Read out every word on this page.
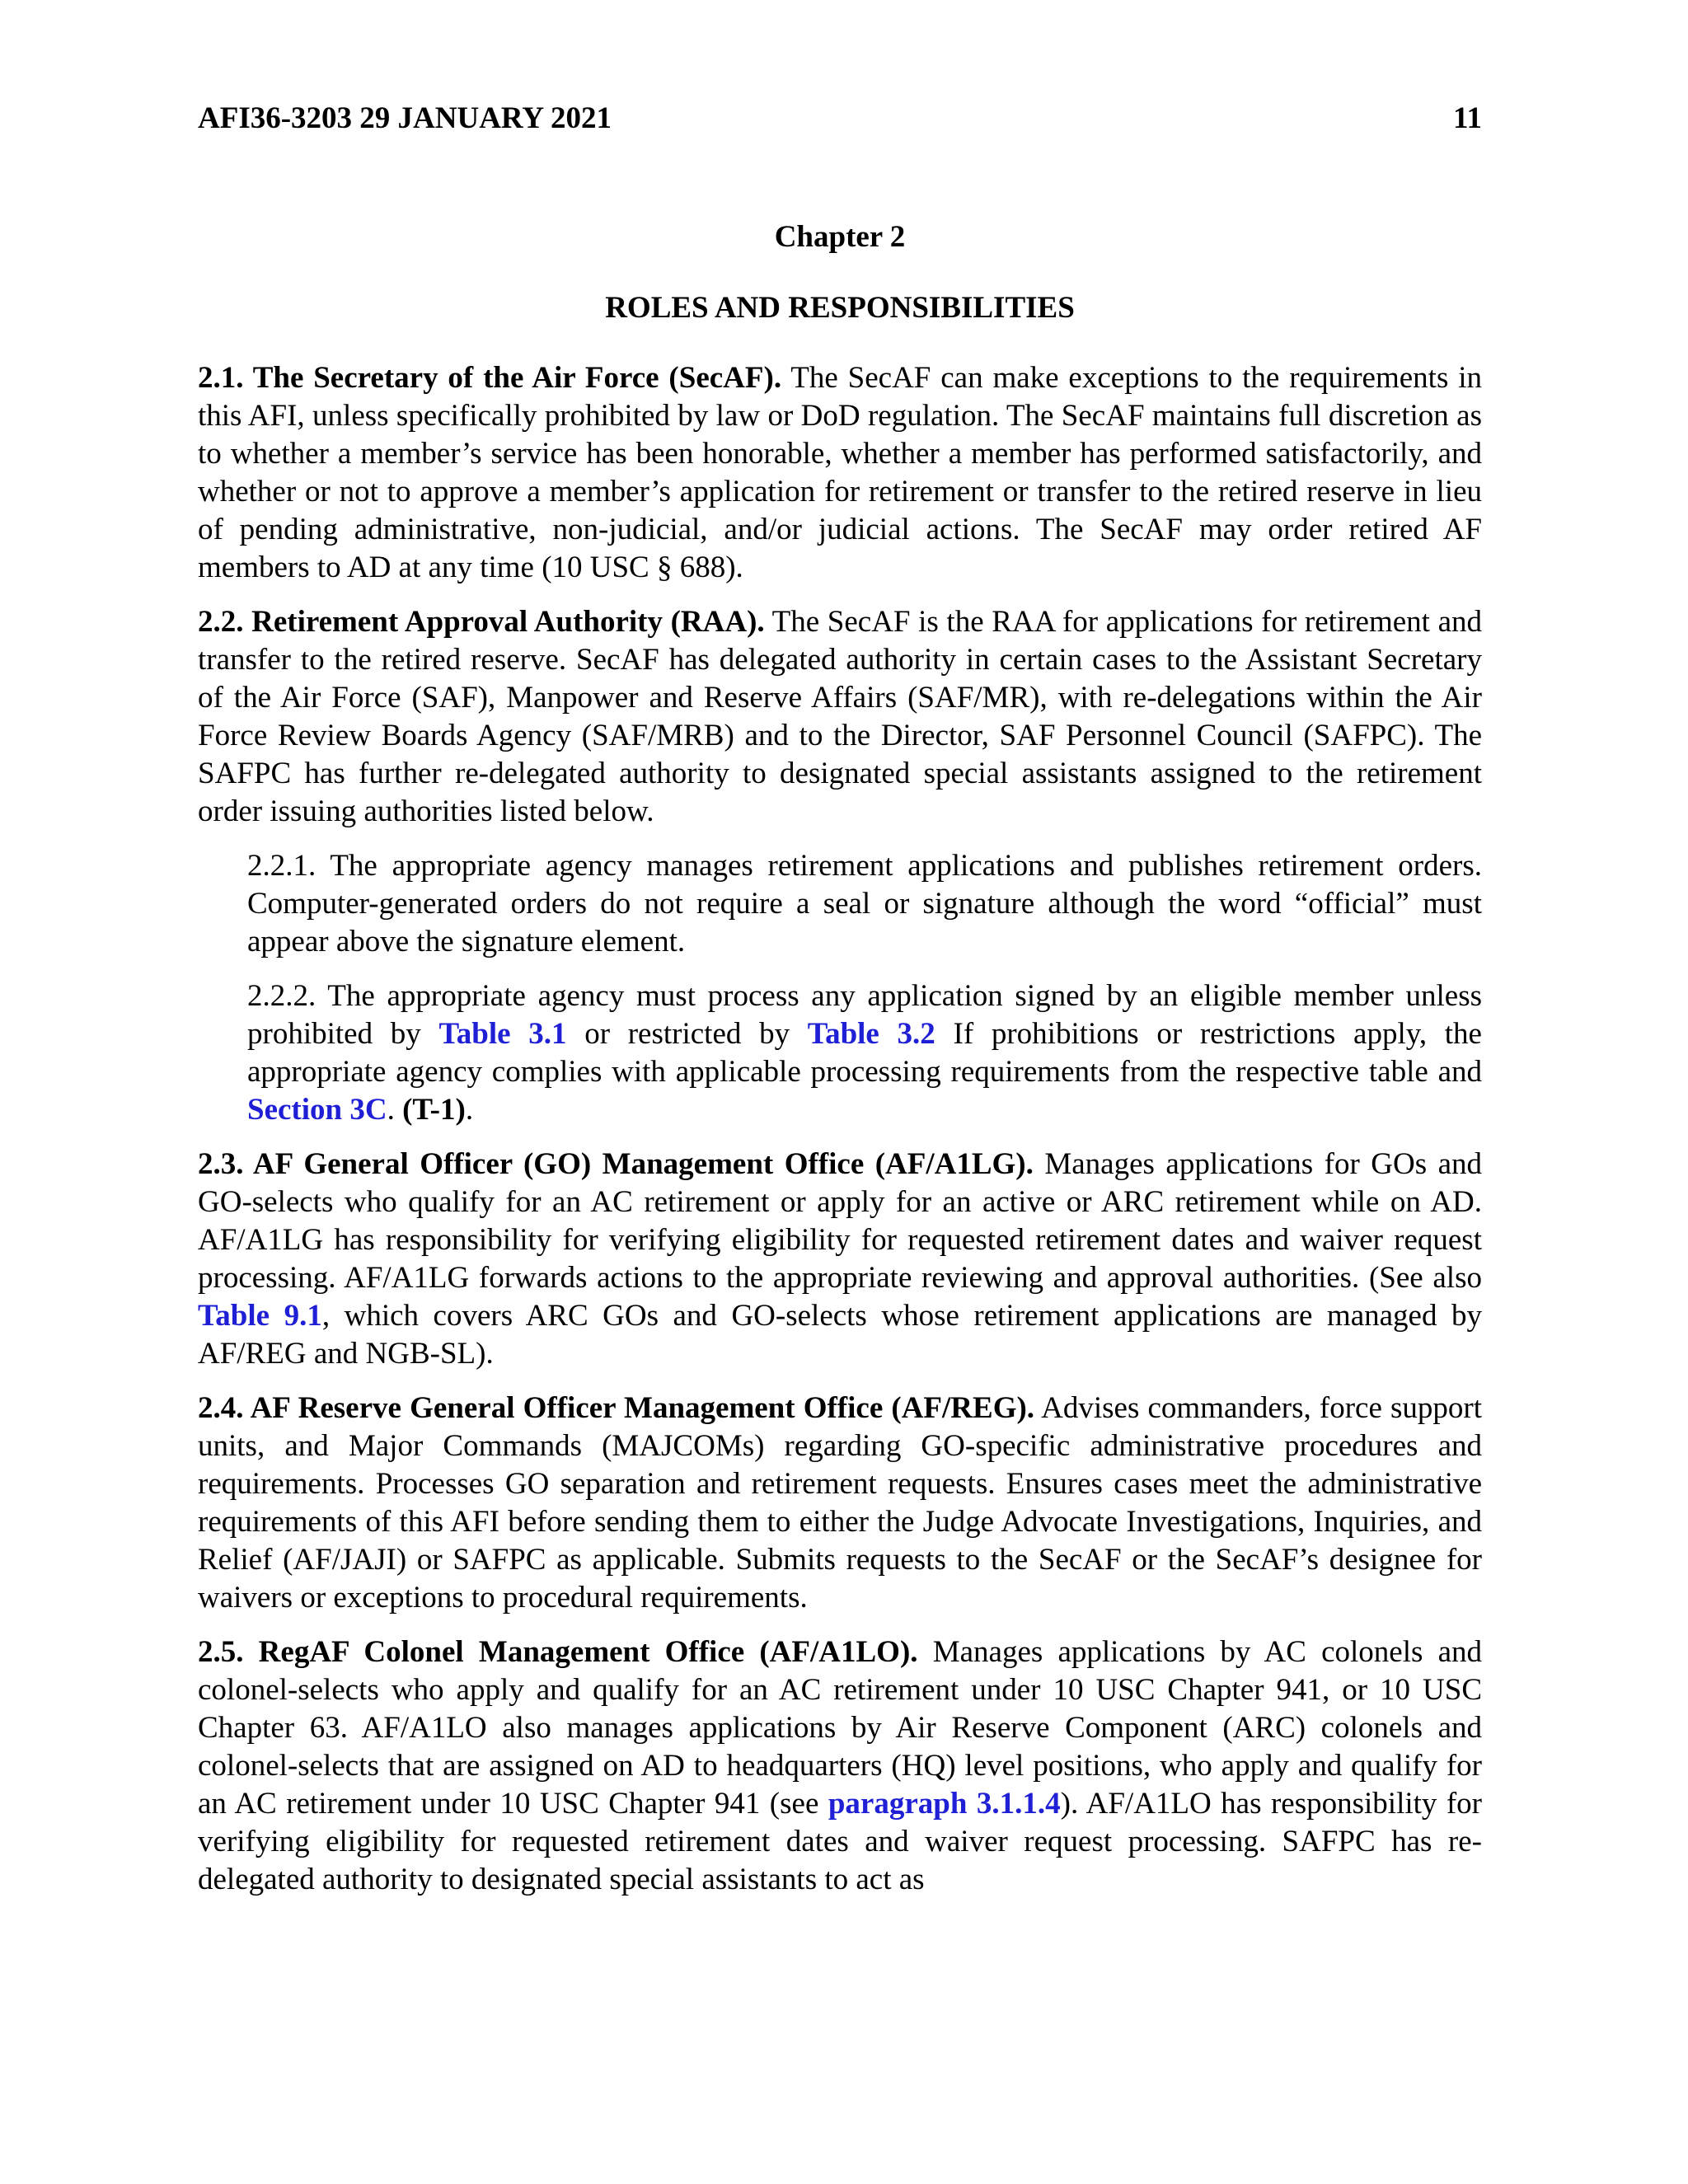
AFI36-3203 29 JANUARY 2021	11
Chapter 2
ROLES AND RESPONSIBILITIES

2.1. The Secretary of the Air Force (SecAF). The SecAF can make exceptions to the requirements in this AFI, unless specifically prohibited by law or DoD regulation. The SecAF maintains full discretion as to whether a member’s service has been honorable, whether a member has performed satisfactorily, and whether or not to approve a member’s application for retirement or transfer to the retired reserve in lieu of pending administrative, non-judicial, and/or judicial actions. The SecAF may order retired AF members to AD at any time (10 USC § 688).

2.2. Retirement Approval Authority (RAA). The SecAF is the RAA for applications for retirement and transfer to the retired reserve. SecAF has delegated authority in certain cases to the Assistant Secretary of the Air Force (SAF), Manpower and Reserve Affairs (SAF/MR), with re-delegations within the Air Force Review Boards Agency (SAF/MRB) and to the Director, SAF Personnel Council (SAFPC). The SAFPC has further re-delegated authority to designated special assistants assigned to the retirement order issuing authorities listed below.

2.2.1. The appropriate agency manages retirement applications and publishes retirement orders. Computer-generated orders do not require a seal or signature although the word “official” must appear above the signature element.

2.2.2. The appropriate agency must process any application signed by an eligible member unless prohibited by Table 3.1 or restricted by Table 3.2 If prohibitions or restrictions apply, the appropriate agency complies with applicable processing requirements from the respective table and Section 3C. (T-1).

2.3. AF General Officer (GO) Management Office (AF/A1LG). Manages applications for GOs and GO-selects who qualify for an AC retirement or apply for an active or ARC retirement while on AD. AF/A1LG has responsibility for verifying eligibility for requested retirement dates and waiver request processing. AF/A1LG forwards actions to the appropriate reviewing and approval authorities. (See also Table 9.1, which covers ARC GOs and GO-selects whose retirement applications are managed by AF/REG and NGB-SL).

2.4. AF Reserve General Officer Management Office (AF/REG). Advises commanders, force support units, and Major Commands (MAJCOMs) regarding GO-specific administrative procedures and requirements. Processes GO separation and retirement requests. Ensures cases meet the administrative requirements of this AFI before sending them to either the Judge Advocate Investigations, Inquiries, and Relief (AF/JAJI) or SAFPC as applicable. Submits requests to the SecAF or the SecAF’s designee for waivers or exceptions to procedural requirements.

2.5. RegAF Colonel Management Office (AF/A1LO). Manages applications by AC colonels and colonel-selects who apply and qualify for an AC retirement under 10 USC Chapter 941, or 10 USC Chapter 63. AF/A1LO also manages applications by Air Reserve Component (ARC) colonels and colonel-selects that are assigned on AD to headquarters (HQ) level positions, who apply and qualify for an AC retirement under 10 USC Chapter 941 (see paragraph 3.1.1.4). AF/A1LO has responsibility for verifying eligibility for requested retirement dates and waiver request processing. SAFPC has re-delegated authority to designated special assistants to act as
